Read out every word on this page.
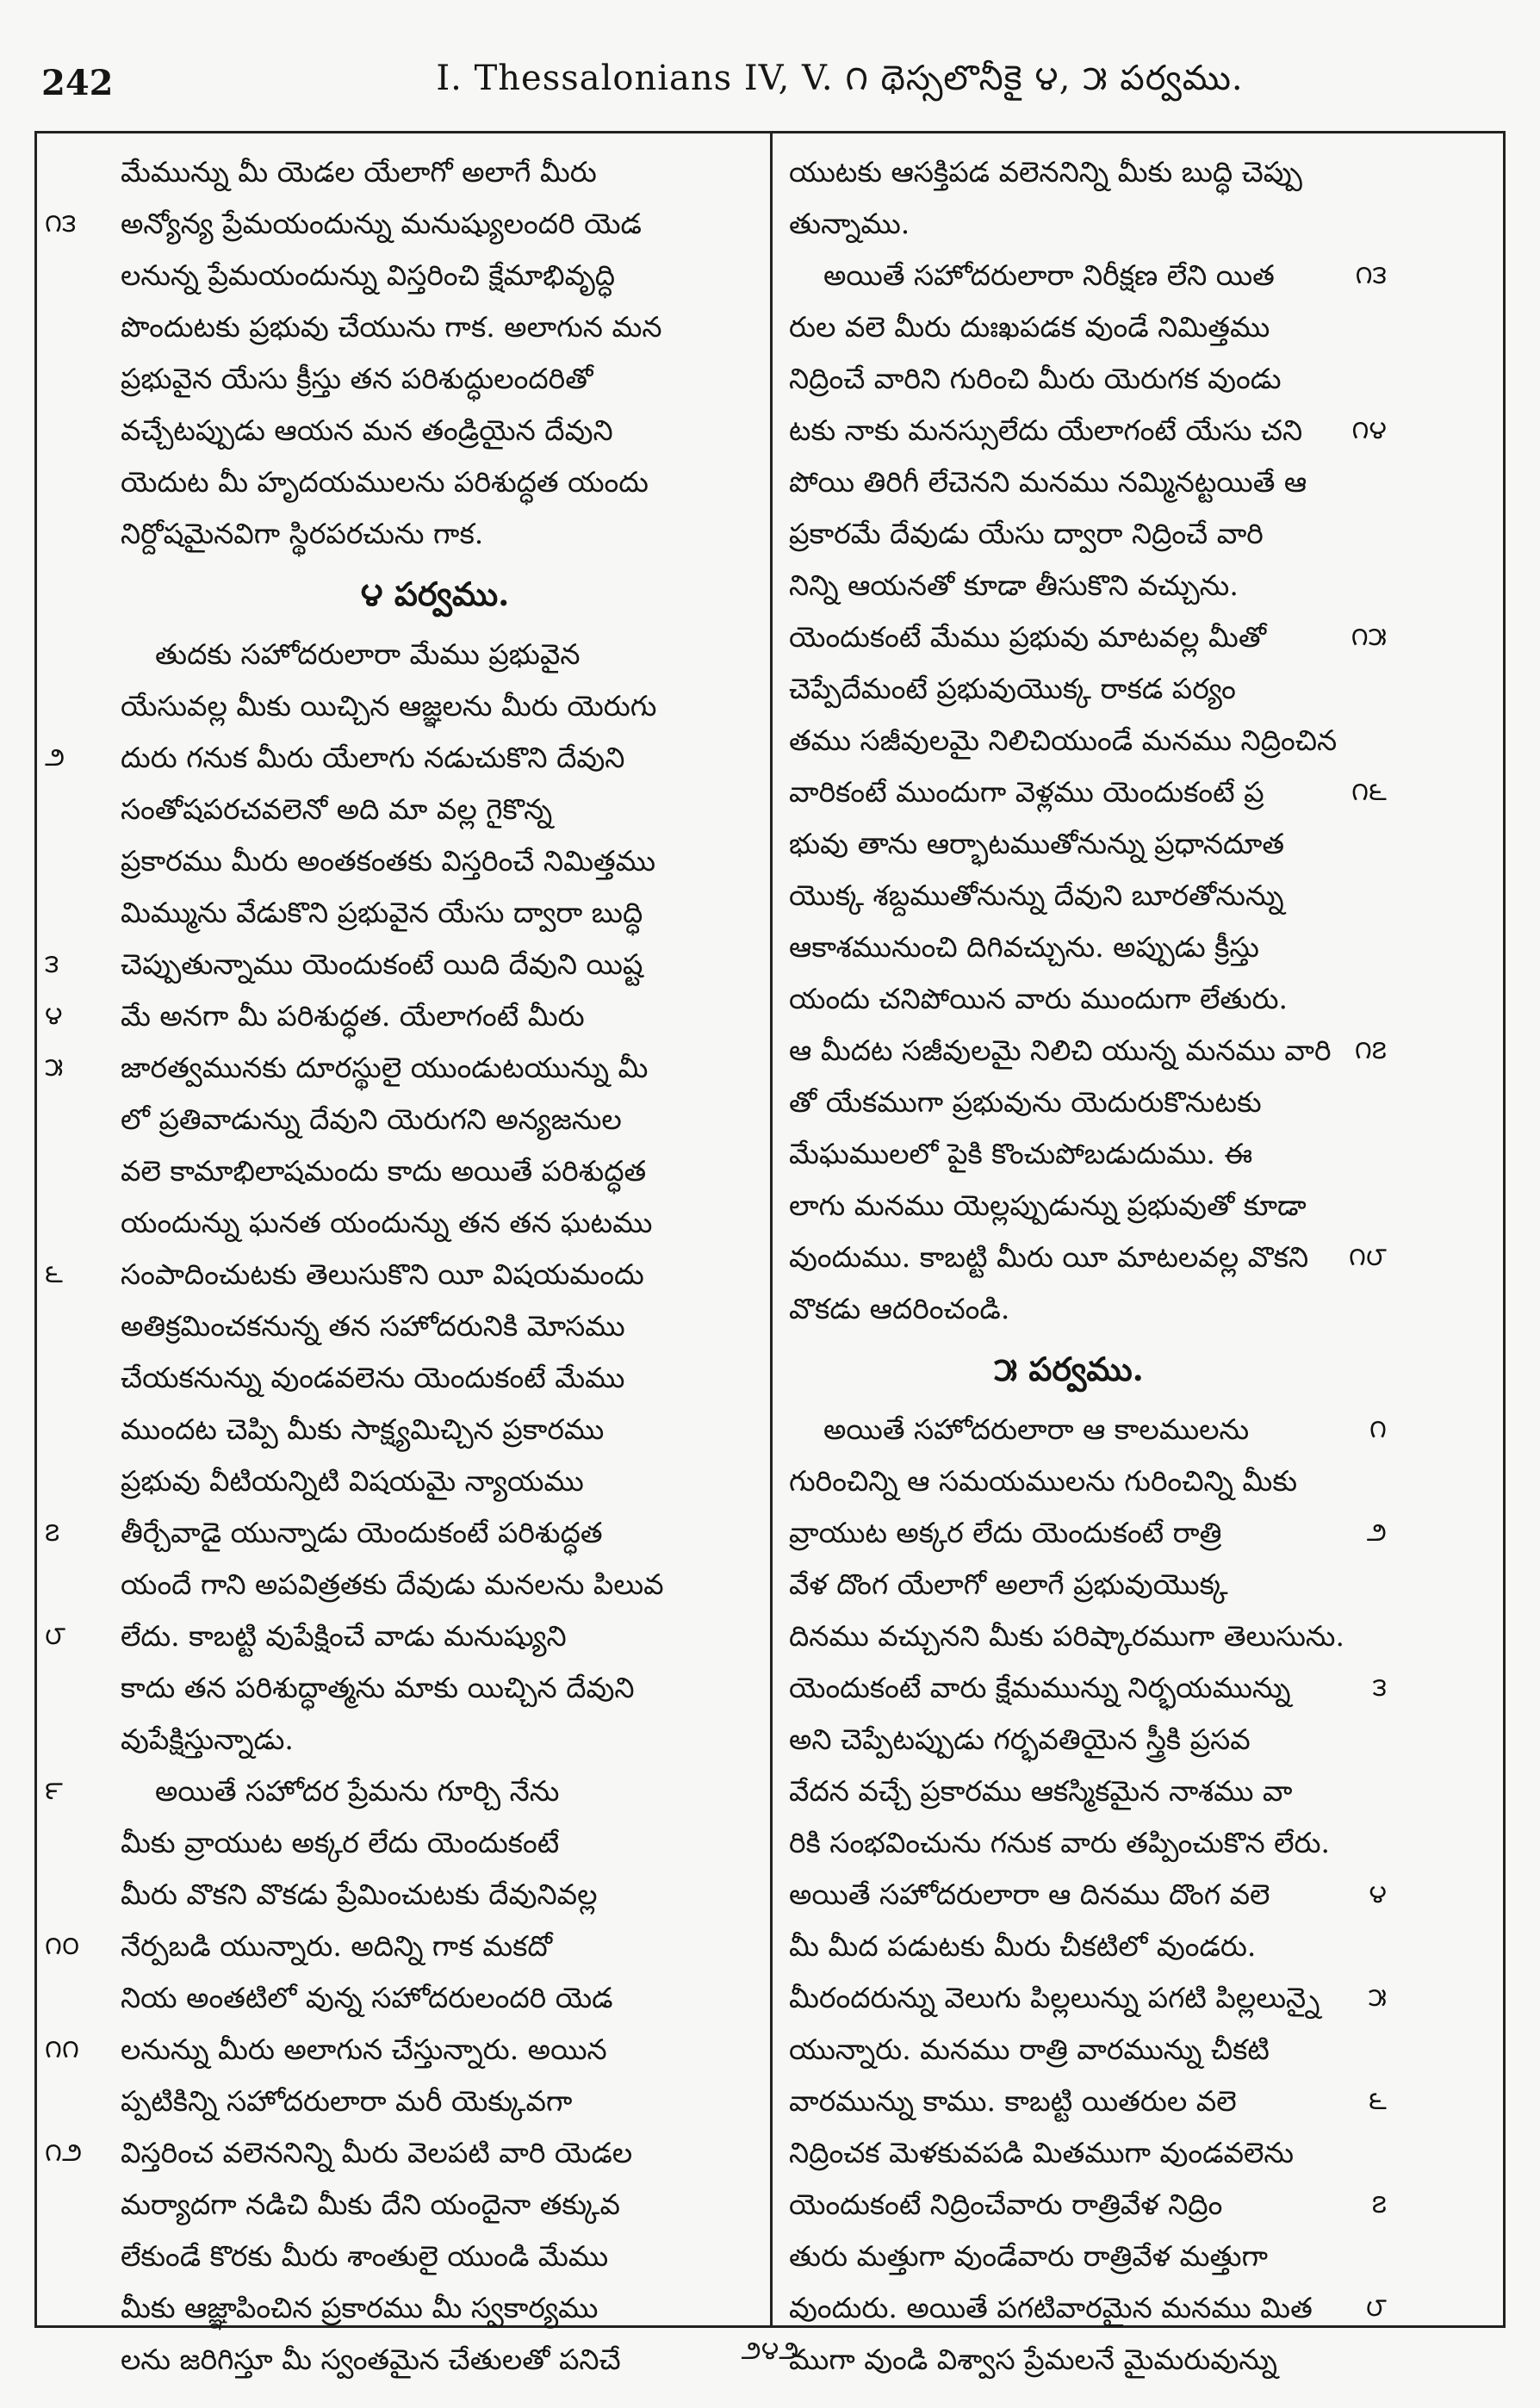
242	I. Thessalonians IV, V. ౧ థెస్సలొనీకై ౪, ౫ పర్వము.
మేమున్ను మీ యెడల యేలాగో అలాగే మీరు
అన్యోన్య ప్రేమయందున్ను మనుష్యులందరి యెడ
౧౩
లనున్న ప్రేమయందున్ను విస్తరించి క్షేమాభివృద్ధి
పొందుటకు ప్రభువు చేయును గాక. అలాగున మన
ప్రభువైన యేసు క్రీస్తు తన పరిశుద్ధులందరితో
వచ్చేటప్పుడు ఆయన మన తండ్రియైన దేవుని
యెదుట మీ హృదయములను పరిశుద్ధత యందు
నిర్దోషమైనవిగా స్థిరపరచును గాక.
౪ పర్వము.
తుదకు సహోదరులారా మేము ప్రభువైన
యేసువల్ల మీకు యిచ్చిన ఆజ్ఞలను మీరు యెరుగు
దురు గనుక మీరు యేలాగు నడుచుకొని దేవుని
౨
సంతోషపరచవలెనో అది మా వల్ల గైకొన్న
ప్రకారము మీరు అంతకంతకు విస్తరించే నిమిత్తము
మిమ్మును వేడుకొని ప్రభువైన యేసు ద్వారా బుద్ధి
చెప్పుతున్నాము యెందుకంటే యిది దేవుని యిష్ట
౩
మే అనగా మీ పరిశుద్ధత. యేలాగంటే మీరు
౪
జారత్వమునకు దూరస్థులై యుండుటయున్ను మీ
౫
లో ప్రతివాడున్ను దేవుని యెరుగని అన్యజనుల
వలె కామాభిలాషమందు కాదు అయితే పరిశుద్ధత
యందున్ను ఘనత యందున్ను తన తన ఘటము
సంపాదించుటకు తెలుసుకొని యీ విషయమందు
౬
అతిక్రమించకనున్న తన సహోదరునికి మోసము
చేయకనున్ను వుండవలెను యెందుకంటే మేము
ముందట చెప్పి మీకు సాక్ష్యమిచ్చిన ప్రకారము
ప్రభువు వీటియన్నిటి విషయమై న్యాయము
తీర్చేవాడై యున్నాడు యెందుకంటే పరిశుద్ధత
౭
యందే గాని అపవిత్రతకు దేవుడు మనలను పిలువ
లేదు. కాబట్టి వుపేక్షించే వాడు మనుష్యుని
౮
కాదు తన పరిశుద్ధాత్మను మాకు యిచ్చిన దేవుని
వుపేక్షిస్తున్నాడు.
అయితే సహోదర ప్రేమను గూర్చి నేను
౯
మీకు వ్రాయుట అక్కర లేదు యెందుకంటే
మీరు వొకని వొకడు ప్రేమించుటకు దేవునివల్ల
నేర్పబడి యున్నారు. అదిన్ని గాక మకదో
౧౦
నియ అంతటిలో వున్న సహోదరులందరి యెడ
లనున్ను మీరు అలాగున చేస్తున్నారు. అయిన
౧౧
ప్పటికిన్ని సహోదరులారా మరీ యెక్కువగా
విస్తరించ వలెననిన్ని మీరు వెలపటి వారి యెడల
౧౨
మర్యాదగా నడిచి మీకు దేని యందైనా తక్కువ
లేకుండే కొరకు మీరు శాంతులై యుండి మేము
మీకు ఆజ్ఞాపించిన ప్రకారము మీ స్వకార్యము
లను జరిగిస్తూ మీ స్వంతమైన చేతులతో పనిచే
యుటకు ఆసక్తిపడ వలెననిన్ని మీకు బుద్ధి చెప్పు
తున్నాము.
అయితే సహోదరులారా నిరీక్షణ లేని యిత	౧౩
రుల వలె మీరు దుఃఖపడక వుండే నిమిత్తము
నిద్రించే వారిని గురించి మీరు యెరుగక వుండు
టకు నాకు మనస్సులేదు యేలాగంటే యేసు చని ౧౪
పోయి తిరిగీ లేచెనని మనము నమ్మినట్టయితే ఆ
ప్రకారమే దేవుడు యేసు ద్వారా నిద్రించే వారి
నిన్ని ఆయనతో కూడా తీసుకొని వచ్చును.
యెందుకంటే మేము ప్రభువు మాటవల్ల మీతో	౧౫
చెప్పేదేమంటే ప్రభువుయొక్క రాకడ పర్యం
తము సజీవులమై నిలిచియుండే మనము నిద్రించిన
వారికంటే ముందుగా వెళ్లము యెందుకంటే ప్ర	౧౬
భువు తాను ఆర్భాటముతోనున్ను ప్రధానదూత
యొక్క శబ్దముతోనున్ను దేవుని బూరతోనున్ను
ఆకాశమునుంచి దిగివచ్చును. అప్పుడు క్రీస్తు
యందు చనిపోయిన వారు ముందుగా లేతురు.
ఆ మీదట సజీవులమై నిలిచి యున్న మనము వారి ౧౭
తో యేకముగా ప్రభువును యెదురుకొనుటకు
మేఘములలో పైకి కొంచుపోబడుదుము. ఈ
లాగు మనము యెల్లప్పుడున్ను ప్రభువుతో కూడా
వుందుము. కాబట్టి మీరు యీ మాటలవల్ల వొకని ౧౮
వొకడు ఆదరించండి.
౫ పర్వము.
అయితే సహోదరులారా ఆ కాలములను	౧
గురించిన్ని ఆ సమయములను గురించిన్ని మీకు
వ్రాయుట అక్కర లేదు యెందుకంటే రాత్రి	౨
వేళ దొంగ యేలాగో అలాగే ప్రభువుయొక్క
దినము వచ్చునని మీకు పరిష్కారముగా తెలుసును.
యెందుకంటే వారు క్షేమమున్ను నిర్భయమున్ను	౩
అని చెప్పేటప్పుడు గర్భవతియైన స్త్రీకి ప్రసవ
వేదన వచ్చే ప్రకారము ఆకస్మికమైన నాశము వా
రికి సంభవించును గనుక వారు తప్పించుకొన లేరు.
అయితే సహోదరులారా ఆ దినము దొంగ వలె	౪
మీ మీద పడుటకు మీరు చీకటిలో వుండరు.
మీరందరున్ను వెలుగు పిల్లలున్ను పగటి పిల్లలున్నై ౫
యున్నారు. మనము రాత్రి వారమున్ను చీకటి
వారమున్ను కాము. కాబట్టి యితరుల వలె	౬
నిద్రించక మెళకువపడి మితముగా వుండవలెను
యెందుకంటే నిద్రించేవారు రాత్రివేళ నిద్రిం	౭
తురు మత్తుగా వుండేవారు రాత్రివేళ మత్తుగా
వుందురు. అయితే పగటివారమైన మనము మిత ౮
ముగా వుండి విశ్వాస ప్రేమలనే మైమరువున్ను
౨౪౨
